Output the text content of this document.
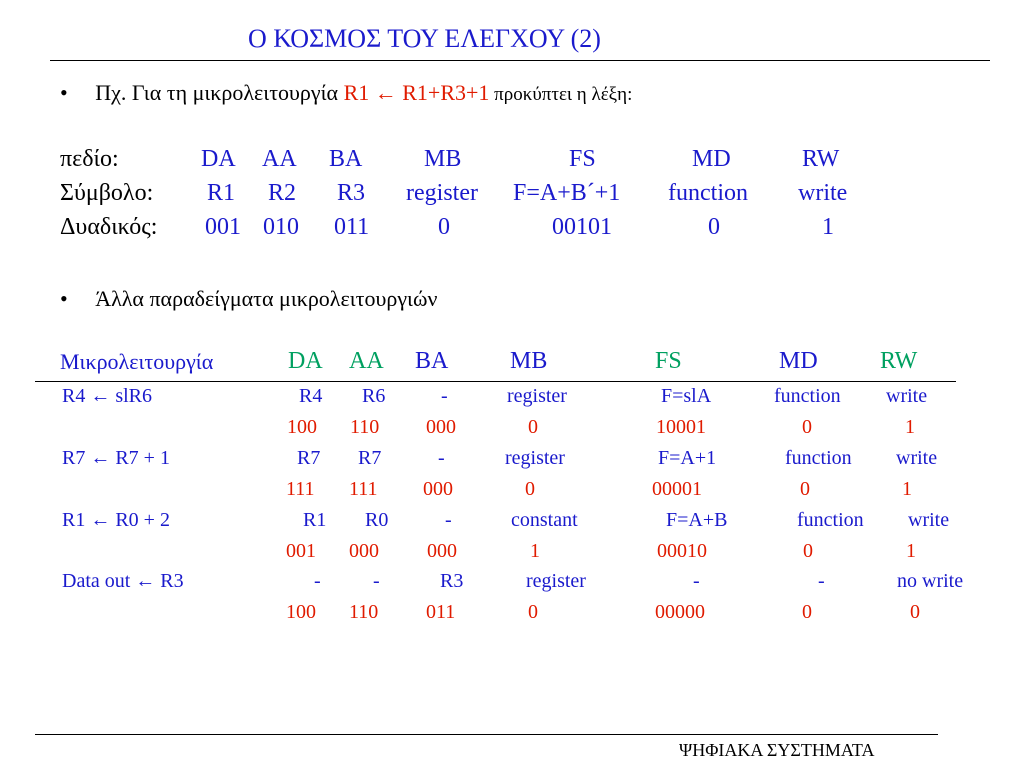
Ο ΚΟΣΜΟΣ ΤΟΥ ΕΛΕΓΧΟΥ (2)
• Πχ. Για τη μικρολειτουργία R1 ← R1+R3+1 προκύπτει η λέξη:
πεδίο:	DA AA BA	MB	FS	MD	RW
Σύμβολο: R1 R2 R3 register F=A+B´+1 function write
Δυαδικός: 001 010 011	0	00101	0	1
• Άλλα παραδείγματα μικρολειτουργιών
Μικρολειτουργία	DA AA BA	MB	FS	MD	RW
R4 ← slR6	R4 R6	-	register	F=slA	function write
100 110 000	0	10001	0	1
R7 ← R7 + 1	R7 R7	-	register	F=A+1	function write
111 111 000	0	00001	0	1
R1 ← R0 + 2	R1 R0	-	constant	F=A+B	function write
001 000 000	1	00010	0	1
Data out ← R3	-	-	R3	register	-	-	no write
100 110 011	0	00000	0	0
ΨΗΦΙΑΚΑ ΣΥΣΤΗΜΑΤΑ
